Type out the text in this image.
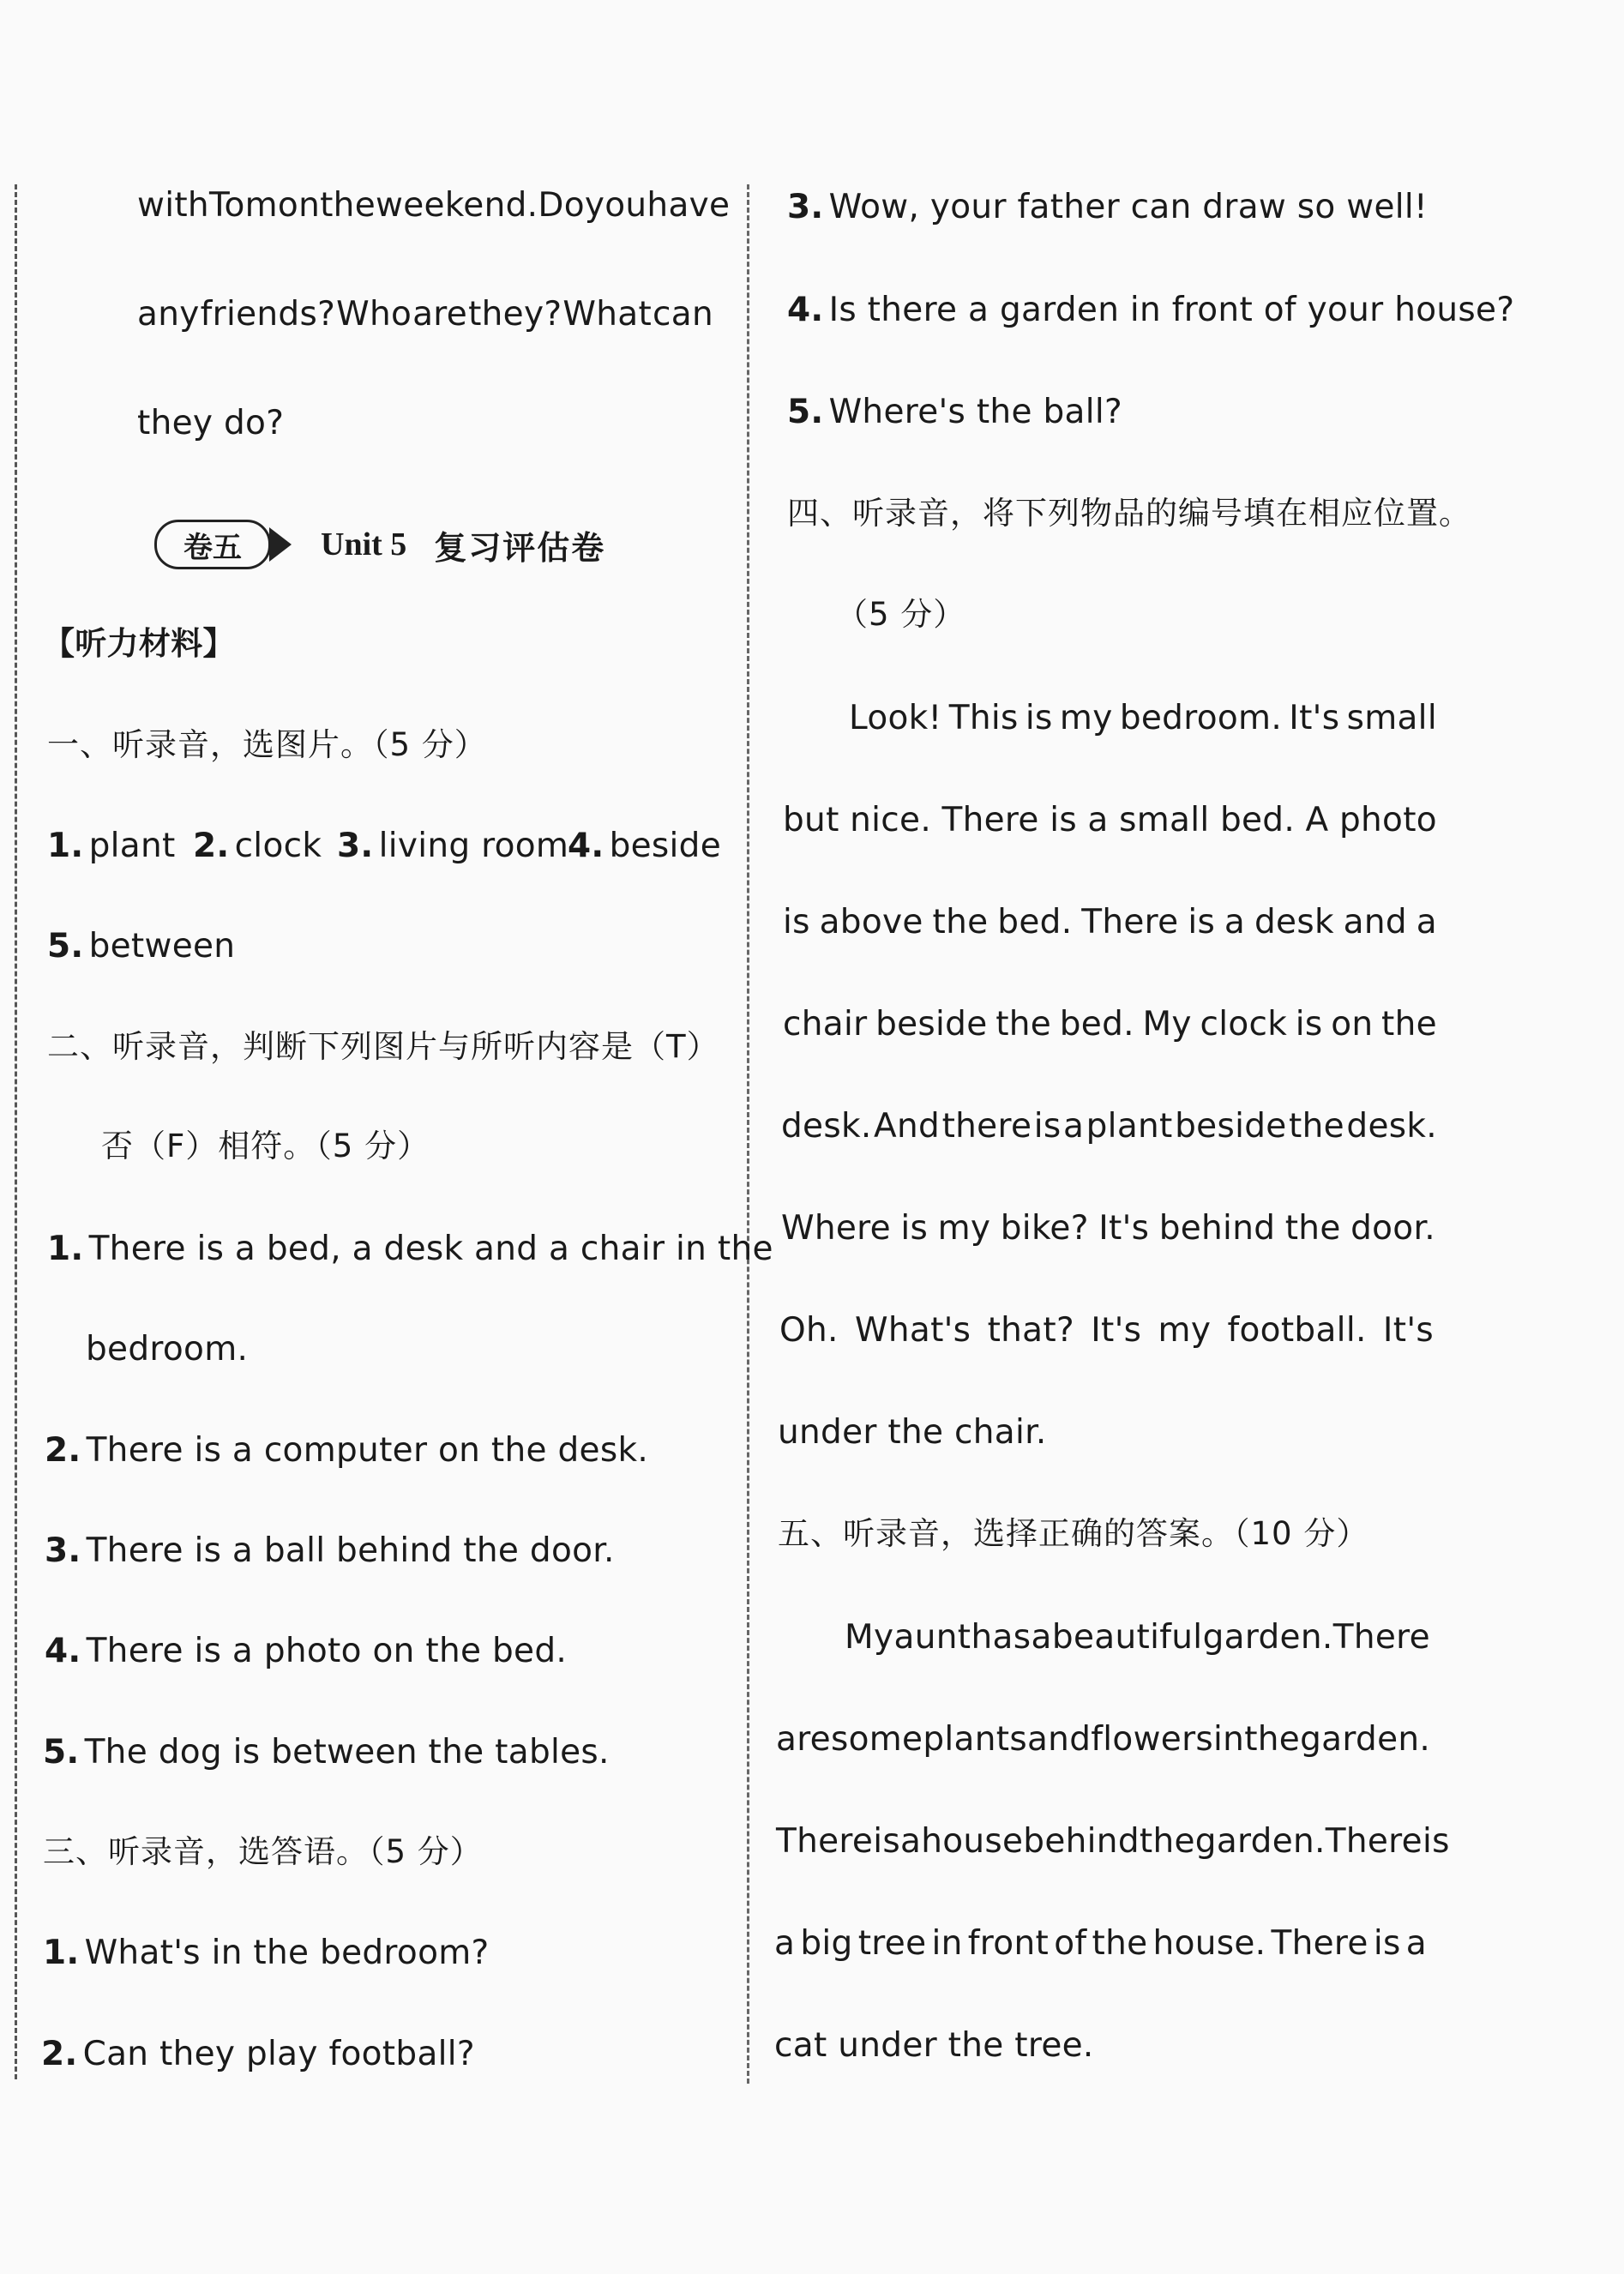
with Tom on the weekend. Do you have
any friends? Who are they? What can
they do?
卷五	Unit 5 复习评估卷
【听力材料】
一、听录音，选图片。（5 分）
1. plant 2. clock 3. living room
4. beside
5. between
二、听录音，判断下列图片与所听内容是（T）
否（F）相符。（5 分）
1. There is a bed, a desk and a chair in the
bedroom.
2. There is a computer on the desk.
3. There is a ball behind the door.
4. There is a photo on the bed.
5. The dog is between the tables.
三、听录音，选答语。（5 分）
1. What's in the bedroom?
2. Can they play football?
3. Wow, your father can draw so well!
4. Is there a garden in front of your house?
5. Where's the ball?
四、听录音，将下列物品的编号填在相应位置。
（5 分）
Look! This is my bedroom. It's small
but nice. There is a small bed. A photo
is above the bed. There is a desk and a
chair beside the bed. My clock is on the
desk. And there is a plant beside the desk.
Where is my bike? It's behind the door.
Oh. What's that? It's my football. It's
under the chair.
五、听录音，选择正确的答案。（10 分）
My aunt has a beautiful garden. There
are some plants and flowers in the garden.
There is a house behind the garden. There is
a big tree in front of the house. There is a
cat under the tree.
